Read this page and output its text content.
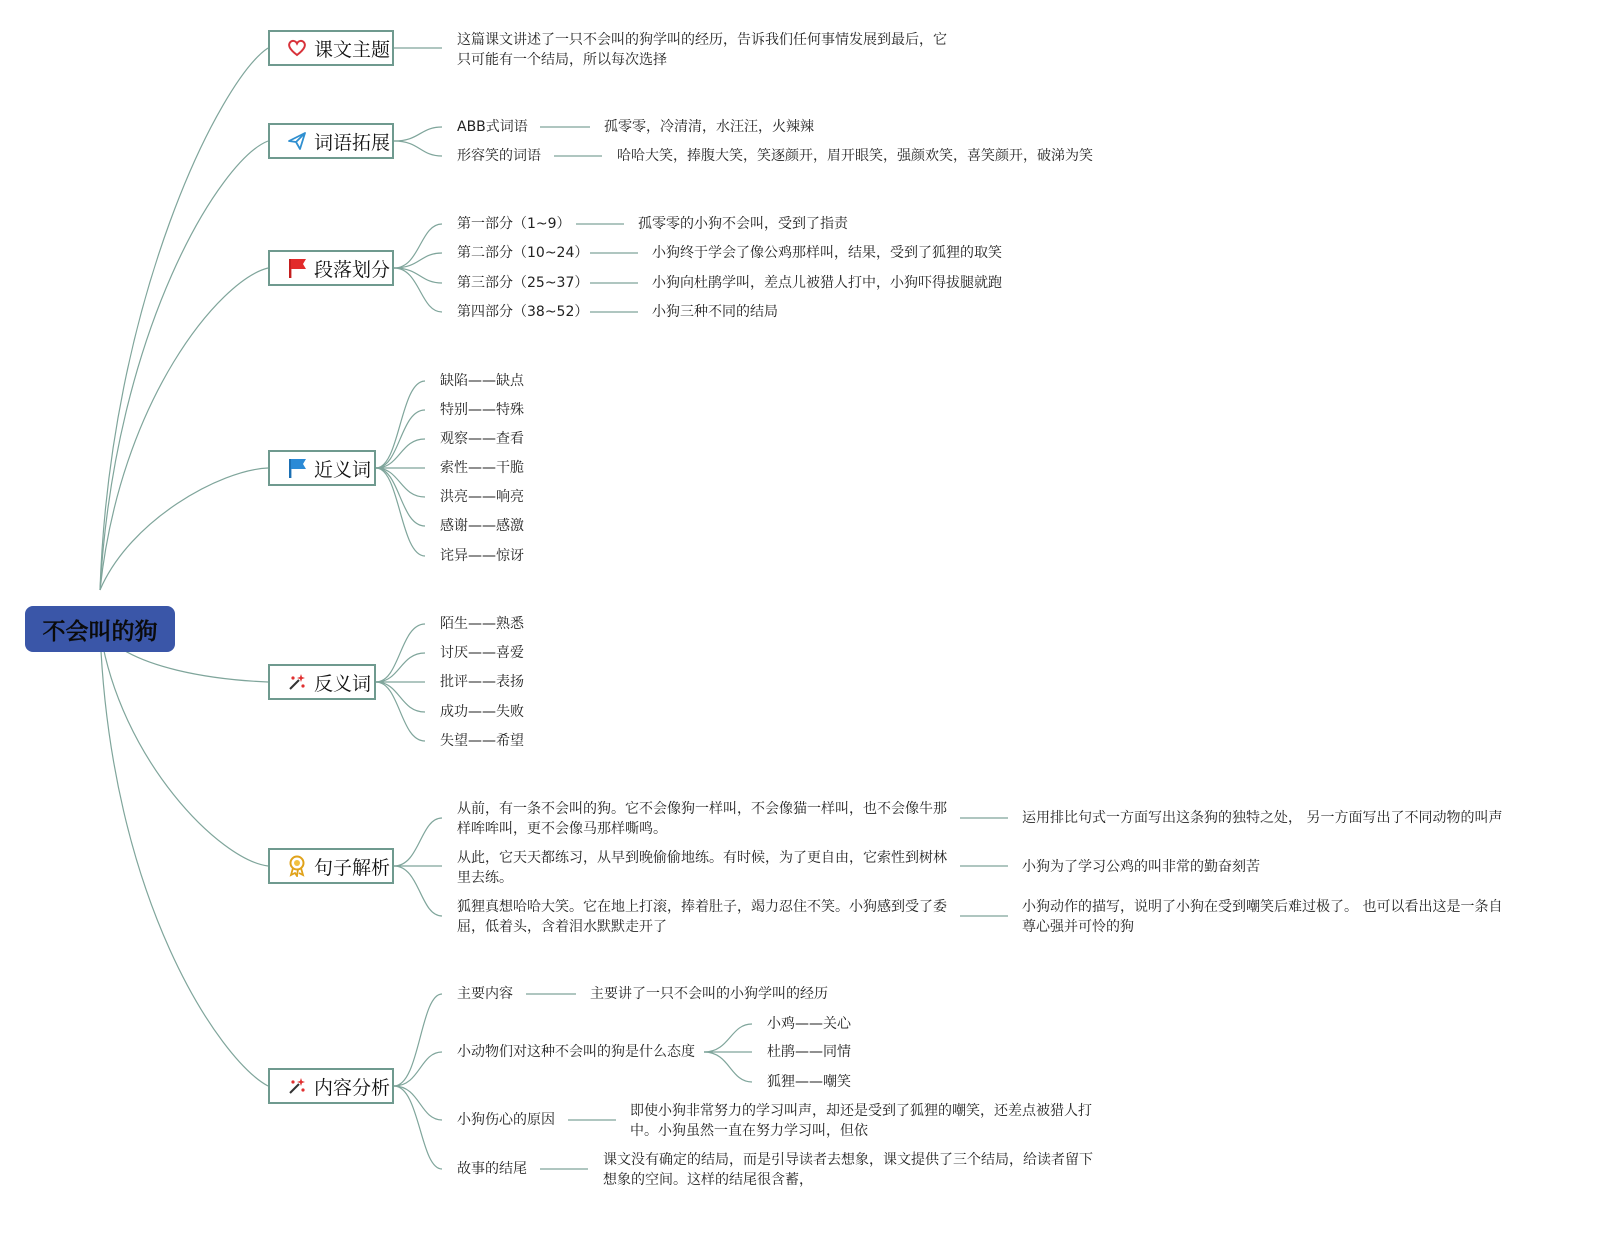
不会叫的狗
课文主题	这篇课文讲述了一只不会叫的狗学叫的经历，告诉我们任何事情发展到最后，它只可能有一个结局，所以每次选择
词语拓展
ABB式词语	孤零零，冷清清，水汪汪，火辣辣
形容笑的词语	哈哈大笑，捧腹大笑，笑逐颜开，眉开眼笑，强颜欢笑，喜笑颜开，破涕为笑
段落划分
第一部分（1~9）	孤零零的小狗不会叫，受到了指责
第二部分（10~24）	小狗终于学会了像公鸡那样叫，结果，受到了狐狸的取笑
第三部分（25~37）	小狗向杜鹃学叫，差点儿被猎人打中，小狗吓得拔腿就跑
第四部分（38~52）	小狗三种不同的结局
近义词
缺陷——缺点
特别——特殊
观察——查看
索性——干脆
洪亮——响亮
感谢——感激
诧异——惊讶
反义词
陌生——熟悉
讨厌——喜爱
批评——表扬
成功——失败
失望——希望
句子解析
从前，有一条不会叫的狗。它不会像狗一样叫，不会像猫一样叫，也不会像牛那样哞哞叫，更不会像马那样嘶鸣。
运用排比句式一方面写出这条狗的独特之处， 另一方面写出了不同动物的叫声
从此，它天天都练习，从早到晚偷偷地练。有时候，为了更自由，它索性到树林里去练。
小狗为了学习公鸡的叫非常的勤奋刻苦
狐狸真想哈哈大笑。它在地上打滚，捧着肚子，竭力忍住不笑。小狗感到受了委屈，低着头，含着泪水默默走开了
小狗动作的描写，说明了小狗在受到嘲笑后难过极了。 也可以看出这是一条自尊心强并可怜的狗
内容分析
主要内容	主要讲了一只不会叫的小狗学叫的经历
小动物们对这种不会叫的狗是什么态度
小鸡——关心
杜鹃——同情
狐狸——嘲笑
小狗伤心的原因
即使小狗非常努力的学习叫声，却还是受到了狐狸的嘲笑，还差点被猎人打中。小狗虽然一直在努力学习叫，但依
故事的结尾
课文没有确定的结局，而是引导读者去想象，课文提供了三个结局，给读者留下想象的空间。这样的结尾很含蓄，
